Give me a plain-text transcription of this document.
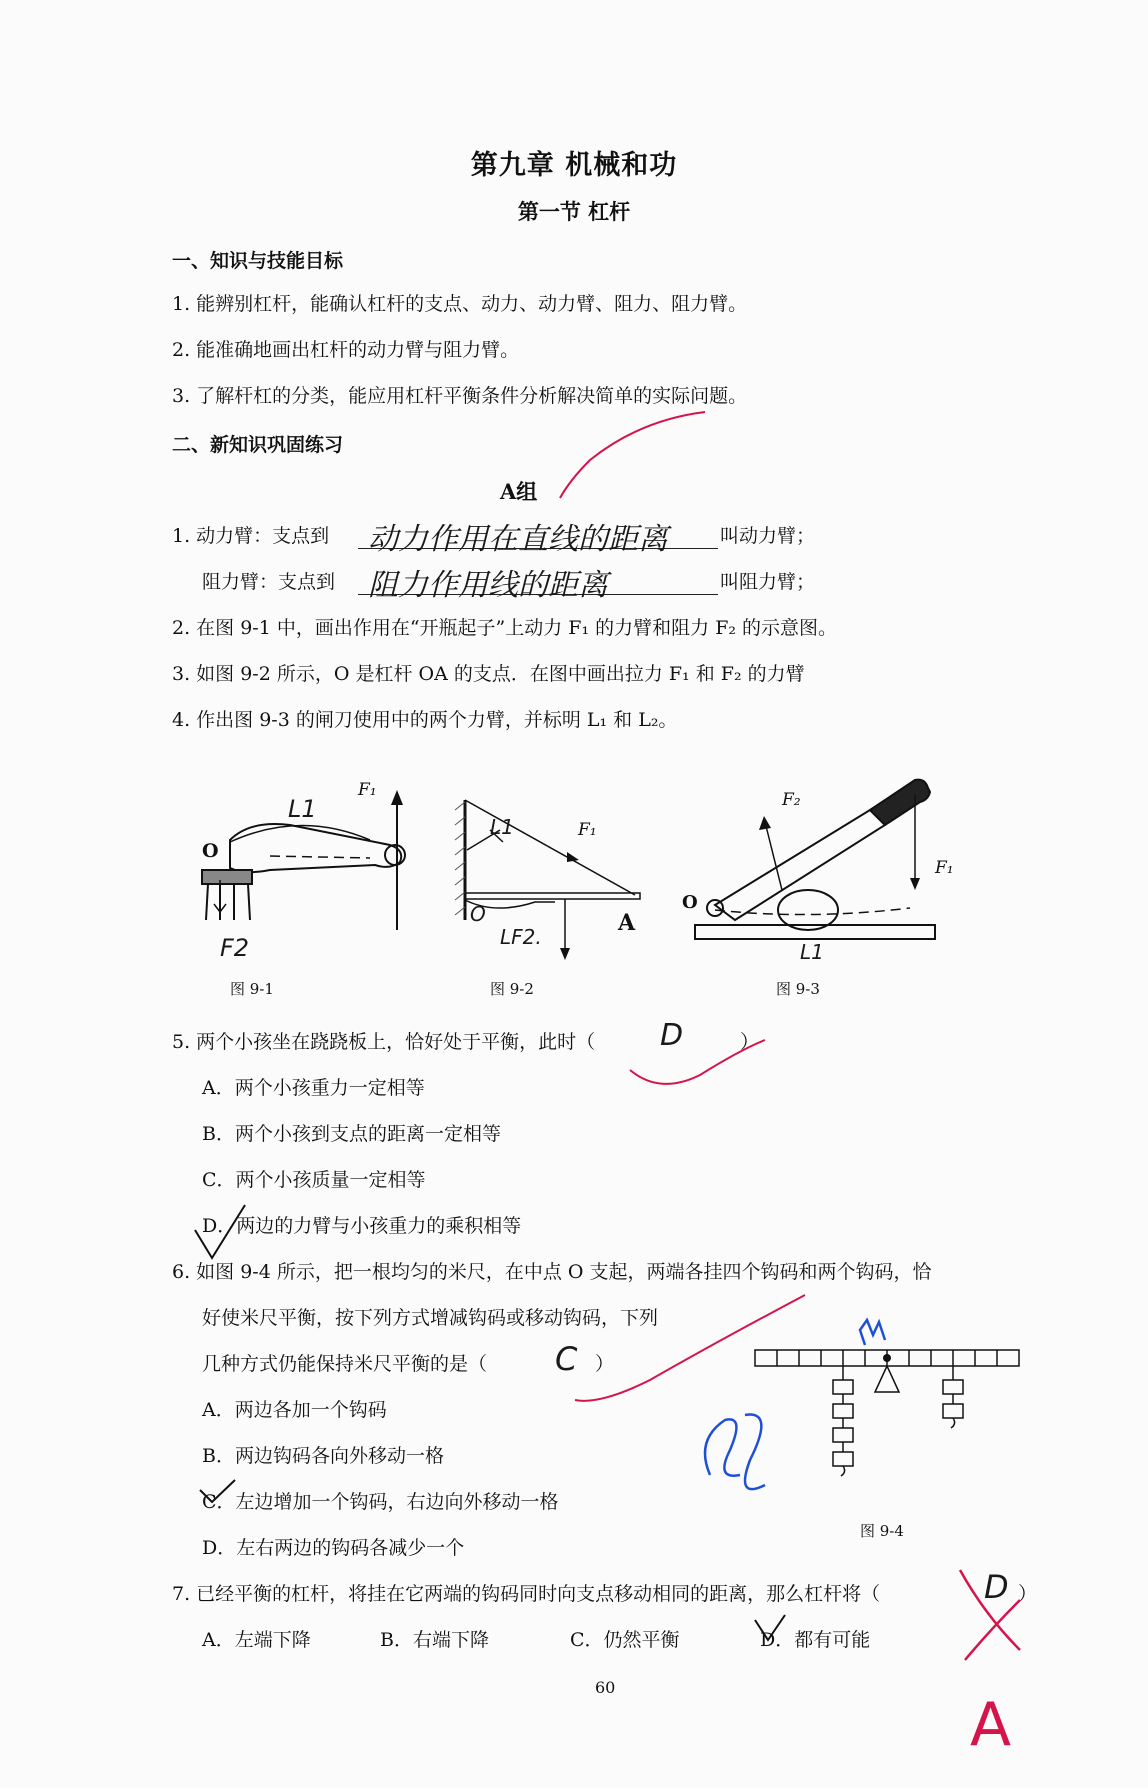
第九章 机械和功
第一节 杠杆
一、知识与技能目标
1. 能辨别杠杆，能确认杠杆的支点、动力、动力臂、阻力、阻力臂。
2. 能准确地画出杠杆的动力臂与阻力臂。
3. 了解杆杠的分类，能应用杠杆平衡条件分析解决简单的实际问题。
二、新知识巩固练习
A组
1. 动力臂：支点到 动力作用在直线的距离	叫动力臂；
阻力臂：支点到 阻力作用线的距离	叫阻力臂；
2. 在图 9-1 中，画出作用在“开瓶起子”上动力 F₁ 的力臂和阻力 F₂ 的示意图。
3. 如图 9-2 所示，O 是杠杆 OA 的支点．在图中画出拉力 F₁ 和 F₂ 的力臂
4. 作出图 9-3 的闸刀使用中的两个力臂，并标明 L₁ 和 L₂。
O
F₁
L1
F2
图 9-1
F₁
A
L1
O
LF2.
图 9-2
F₂
F₁
O
L1
图 9-3
5. 两个小孩坐在跷跷板上，恰好处于平衡，此时（ D	）
A．两个小孩重力一定相等
B．两个小孩到支点的距离一定相等
C．两个小孩质量一定相等
D．两边的力臂与小孩重力的乘积相等
6. 如图 9-4 所示，把一根均匀的米尺，在中点 O 支起，两端各挂四个钩码和两个钩码，恰
好使米尺平衡，按下列方式增减钩码或移动钩码，下列
几种方式仍能保持米尺平衡的是（ C ）
A．两边各加一个钩码
B．两边钩码各向外移动一格
C．左边增加一个钩码，右边向外移动一格
D．左右两边的钩码各减少一个
图 9-4
7. 已经平衡的杠杆，将挂在它两端的钩码同时向支点移动相同的距离，那么杠杆将（	D ）
A．左端下降	B．右端下降	C．仍然平衡	D．都有可能
A
60
